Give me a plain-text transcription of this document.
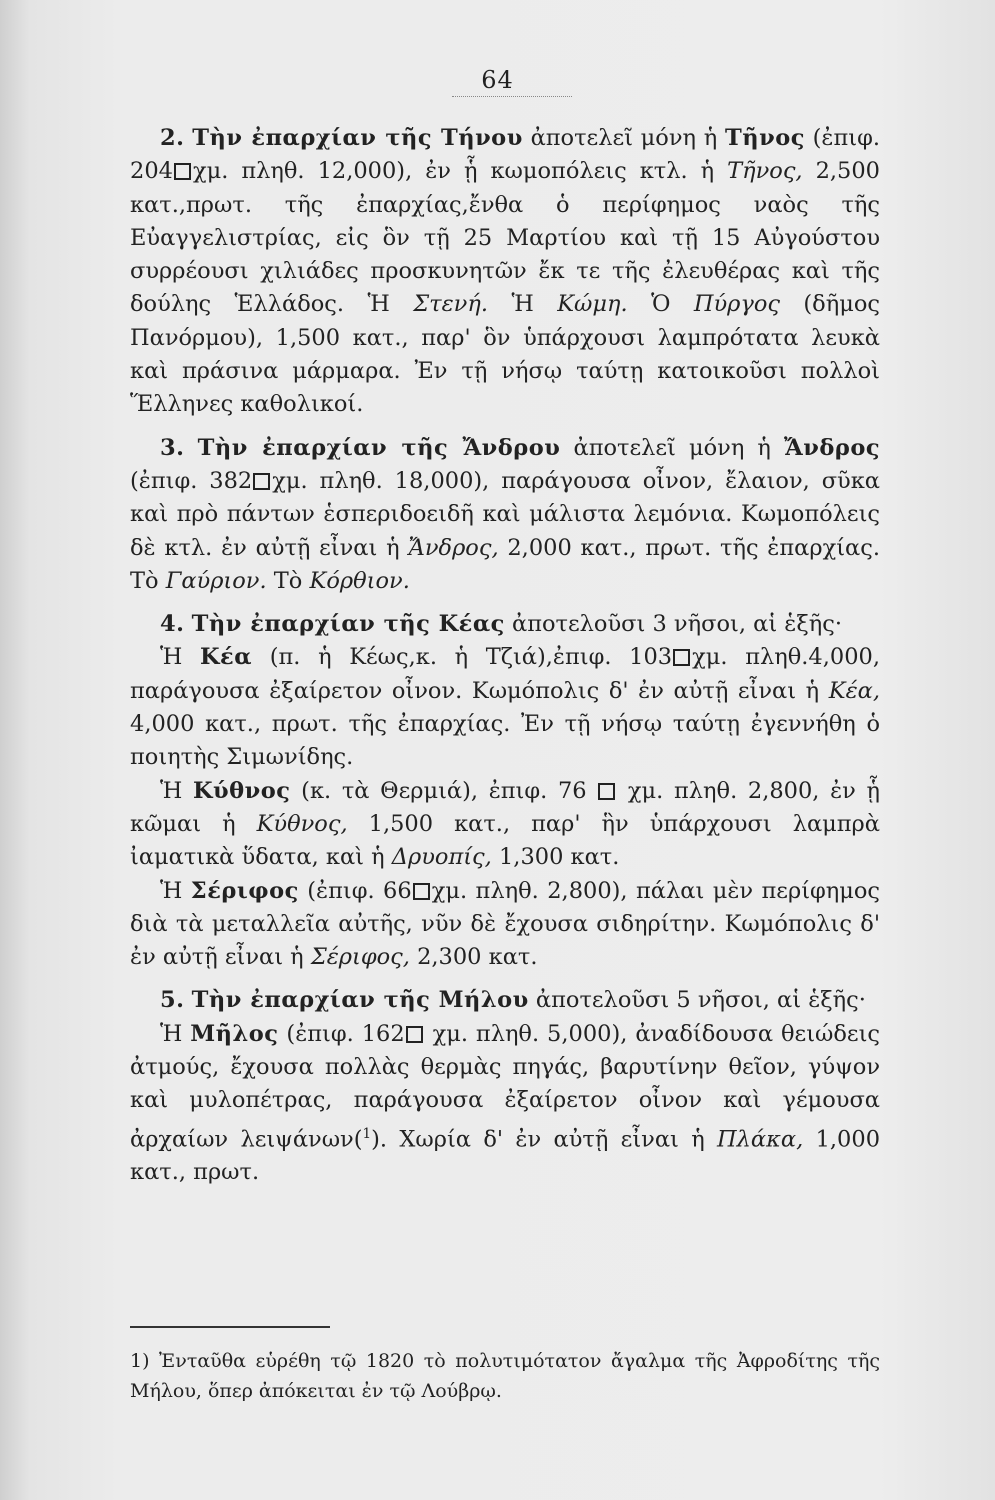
64

2. Τὴν ἐπαρχίαν τῆς Τήνου ἀποτελεῖ μόνη ἡ Τῆνος (ἐπιφ. 204 χμ. πληθ. 12,000), ἐν ᾗ κωμοπόλεις κτλ. ἡ Τῆνος, 2,500 κατ.,πρωτ. τῆς ἐπαρχίας,ἔνθα ὁ περίφημος ναὸς τῆς Εὐαγγελιστρίας, εἰς ὃν τῇ 25 Μαρτίου καὶ τῇ 15 Αὐγούστου συρρέουσι χιλιάδες προσκυνητῶν ἔκ τε τῆς ἐλευθέρας καὶ τῆς δούλης Ἑλλάδος. Ἡ Στενή. Ἡ Κώμη. Ὁ Πύργος (δῆμος Πανόρμου), 1,500 κατ., παρ' ὃν ὑπάρχουσι λαμπρότατα λευκὰ καὶ πράσινα μάρμαρα. Ἐν τῇ νήσῳ ταύτῃ κατοικοῦσι πολλοὶ Ἕλληνες καθολικοί.

3. Τὴν ἐπαρχίαν τῆς Ἄνδρου ἀποτελεῖ μόνη ἡ Ἄνδρος (ἐπιφ. 382 χμ. πληθ. 18,000), παράγουσα οἶνον, ἔλαιον, σῦκα καὶ πρὸ πάντων ἑσπεριδοειδῆ καὶ μάλιστα λεμόνια. Κωμοπόλεις δὲ κτλ. ἐν αὐτῇ εἶναι ἡ Ἄνδρος, 2,000 κατ., πρωτ. τῆς ἐπαρχίας. Τὸ Γαύριον. Τὸ Κόρθιον.

4. Τὴν ἐπαρχίαν τῆς Κέας ἀποτελοῦσι 3 νῆσοι, αἱ ἑξῆς·

Ἡ Κέα (π. ἡ Κέως,κ. ἡ Τζιά),ἐπιφ. 103 χμ. πληθ.4,000, παράγουσα ἐξαίρετον οἶνον. Κωμόπολις δ' ἐν αὐτῇ εἶναι ἡ Κέα, 4,000 κατ., πρωτ. τῆς ἐπαρχίας. Ἐν τῇ νήσῳ ταύτῃ ἐγεννήθη ὁ ποιητὴς Σιμωνίδης.

Ἡ Κύθνος (κ. τὰ Θερμιά), ἐπιφ. 76 χμ. πληθ. 2,800, ἐν ᾗ κῶμαι ἡ Κύθνος, 1,500 κατ., παρ' ἣν ὑπάρχουσι λαμπρὰ ἰαματικὰ ὕδατα, καὶ ἡ Δρυοπίς, 1,300 κατ.

Ἡ Σέριφος (ἐπιφ. 66 χμ. πληθ. 2,800), πάλαι μὲν περίφημος διὰ τὰ μεταλλεῖα αὐτῆς, νῦν δὲ ἔχουσα σιδηρίτην. Κωμόπολις δ' ἐν αὐτῇ εἶναι ἡ Σέριφος, 2,300 κατ.

5. Τὴν ἐπαρχίαν τῆς Μήλου ἀποτελοῦσι 5 νῆσοι, αἱ ἑξῆς·

Ἡ Μῆλος (ἐπιφ. 162 χμ. πληθ. 5,000), ἀναδίδουσα θειώδεις ἀτμούς, ἔχουσα πολλὰς θερμὰς πηγάς, βαρυτίνην θεῖον, γύψον καὶ μυλοπέτρας, παράγουσα ἐξαίρετον οἶνον καὶ γέμουσα ἀρχαίων λειψάνων($^1$). Χωρία δ' ἐν αὐτῇ εἶναι ἡ Πλάκα, 1,000 κατ., πρωτ.

1) Ἐνταῦθα εὑρέθη τῷ 1820 τὸ πολυτιμότατον ἄγαλμα τῆς Ἀφροδίτης τῆς Μήλου, ὅπερ ἀπόκειται ἐν τῷ Λούβρῳ.
